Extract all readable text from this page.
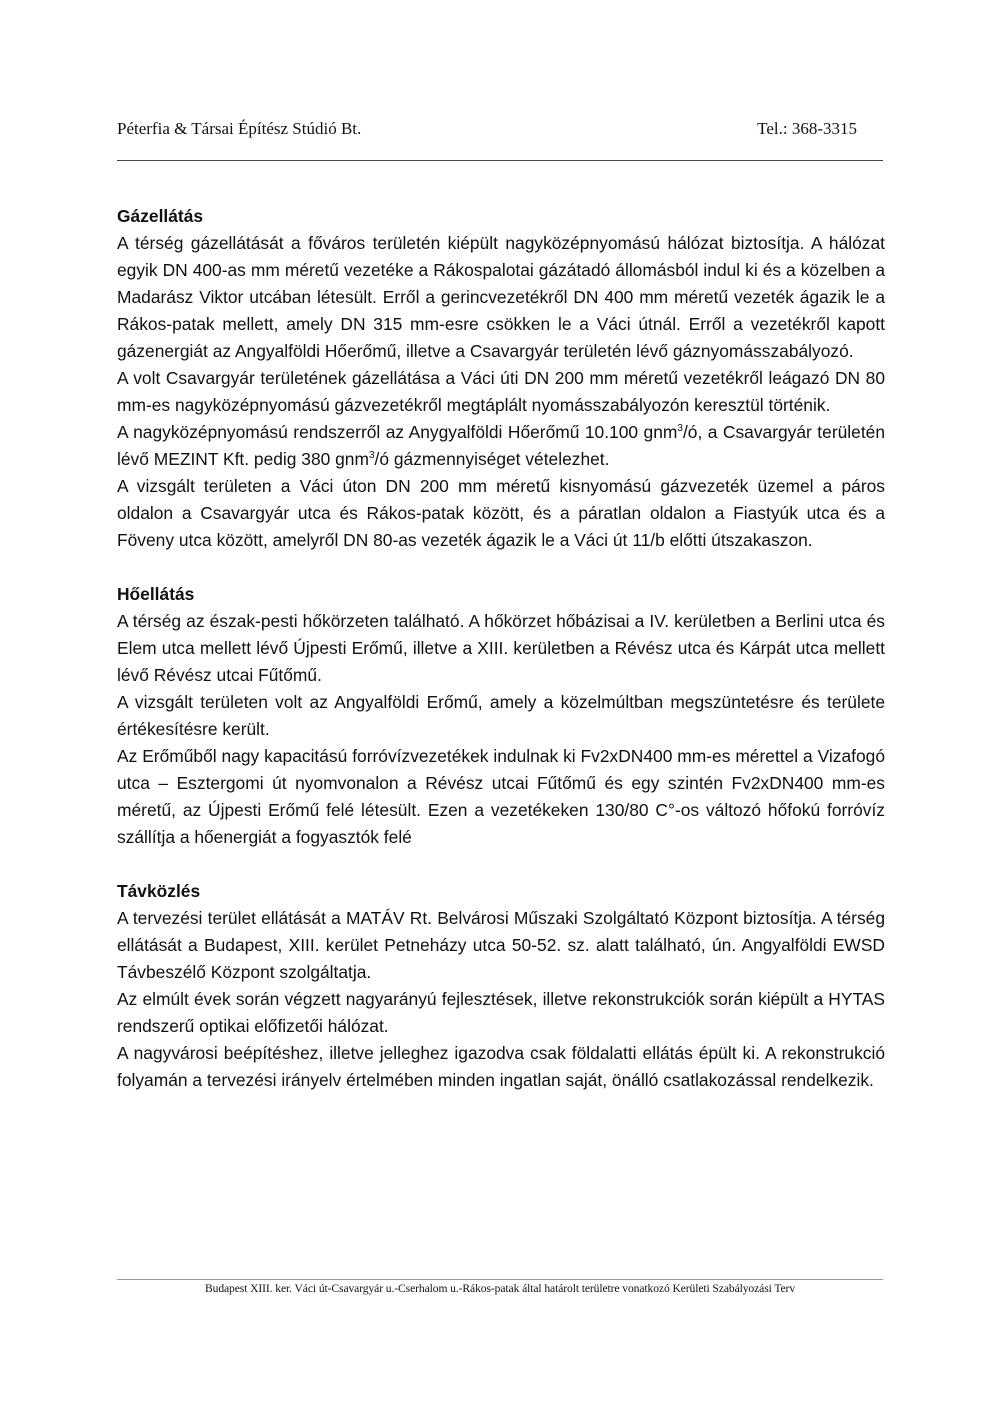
Péterfia & Társai Építész Stúdió Bt.	Tel.: 368-3315

Gázellátás

A térség gázellátását a főváros területén kiépült nagyközépnyomású hálózat biztosítja. A hálózat egyik DN 400-as mm méretű vezetéke a Rákospalotai gázátadó állomásból indul ki és a közelben a Madarász Viktor utcában létesült. Erről a gerincvezetékről DN 400 mm méretű vezeték ágazik le a Rákos-patak mellett, amely DN 315 mm-esre csökken le a Váci útnál. Erről a vezetékről kapott gázenergiát az Angyalföldi Hőerőmű, illetve a Csavargyár területén lévő gáznyomásszabályozó.

A volt Csavargyár területének gázellátása a Váci úti DN 200 mm méretű vezetékről leágazó DN 80 mm-es nagyközépnyomású gázvezetékről megtáplált nyomásszabályozón keresztül történik.

A nagyközépnyomású rendszerről az Anygyalföldi Hőerőmű 10.100 gnm$^3$/ó, a Csavargyár területén lévő MEZINT Kft. pedig 380 gnm$^3$/ó gázmennyiséget vételezhet.

A vizsgált területen a Váci úton DN 200 mm méretű kisnyomású gázvezeték üzemel a páros oldalon a Csavargyár utca és Rákos-patak között, és a páratlan oldalon a Fiastyúk utca és a Föveny utca között, amelyről DN 80-as vezeték ágazik le a Váci út 11/b előtti útszakaszon.

Hőellátás

A térség az észak-pesti hőkörzeten található. A hőkörzet hőbázisai a IV. kerületben a Berlini utca és Elem utca mellett lévő Újpesti Erőmű, illetve a XIII. kerületben a Révész utca és Kárpát utca mellett lévő Révész utcai Fűtőmű.

A vizsgált területen volt az Angyalföldi Erőmű, amely a közelmúltban megszüntetésre és területe értékesítésre került.

Az Erőműből nagy kapacitású forróvízvezetékek indulnak ki Fv2xDN400 mm-es mérettel a Vizafogó utca – Esztergomi út nyomvonalon a Révész utcai Fűtőmű és egy szintén Fv2xDN400 mm-es méretű, az Újpesti Erőmű felé létesült. Ezen a vezetékeken 130/80 C°-os változó hőfokú forróvíz szállítja a hőenergiát a fogyasztók felé

Távközlés

A tervezési terület ellátását a MATÁV Rt. Belvárosi Műszaki Szolgáltató Központ biztosítja. A térség ellátását a Budapest, XIII. kerület Petneházy utca 50-52. sz. alatt található, ún. Angyalföldi EWSD Távbeszélő Központ szolgáltatja.

Az elmúlt évek során végzett nagyarányú fejlesztések, illetve rekonstrukciók során kiépült a HYTAS rendszerű optikai előfizetői hálózat.

A nagyvárosi beépítéshez, illetve jelleghez igazodva csak földalatti ellátás épült ki. A rekonstrukció folyamán a tervezési irányelv értelmében minden ingatlan saját, önálló csatlakozással rendelkezik.

Budapest XIII. ker. Váci út-Csavargyár u.-Cserhalom u.-Rákos-patak által határolt területre vonatkozó Kerületi Szabályozási Terv
